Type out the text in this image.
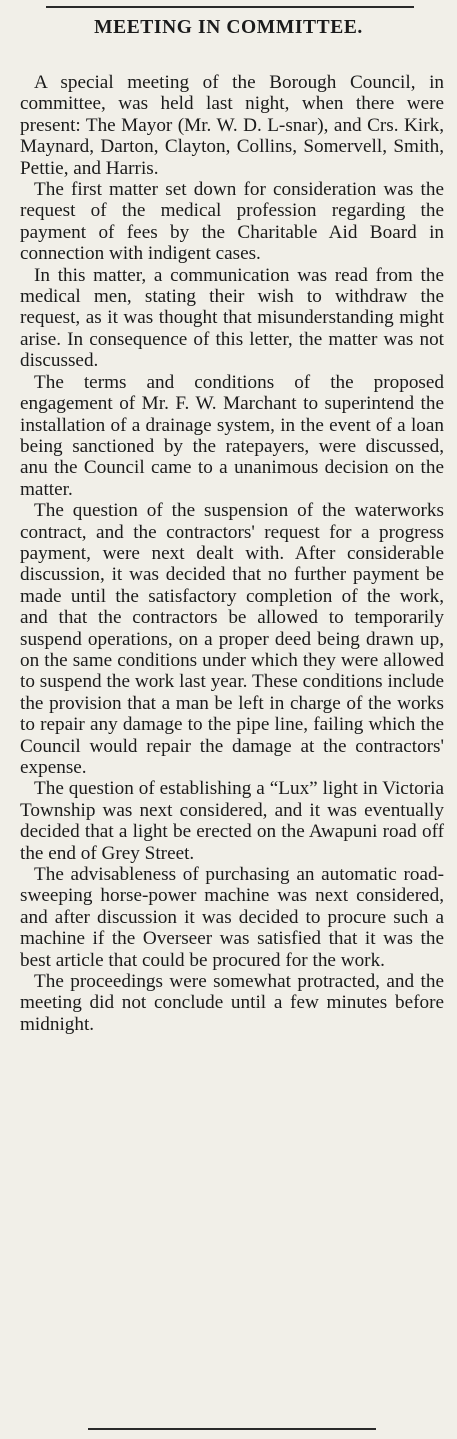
MEETING IN COMMITTEE.

A special meeting of the Borough Council, in committee, was held last night, when there were present: The Mayor (Mr. W. D. L-snar), and Crs. Kirk, Maynard, Darton, Clayton, Collins, Somervell, Smith, Pettie, and Harris.

The first matter set down for consideration was the request of the medical profession regarding the payment of fees by the Charitable Aid Board in connection with indigent cases.

In this matter, a communication was read from the medical men, stating their wish to withdraw the request, as it was thought that misunderstanding might arise. In consequence of this letter, the matter was not discussed.

The terms and conditions of the proposed engagement of Mr. F. W. Marchant to superintend the installation of a drainage system, in the event of a loan being sanctioned by the ratepayers, were discussed, anu the Council came to a unanimous decision on the matter.

The question of the suspension of the waterworks contract, and the contractors' request for a progress payment, were next dealt with. After considerable discussion, it was decided that no further payment be made until the satisfactory completion of the work, and that the contractors be allowed to temporarily suspend operations, on a proper deed being drawn up, on the same conditions under which they were allowed to suspend the work last year. These conditions include the provision that a man be left in charge of the works to repair any damage to the pipe line, failing which the Council would repair the damage at the contractors' expense.

The question of establishing a “Lux” light in Victoria Township was next considered, and it was eventually decided that a light be erected on the Awapuni road off the end of Grey Street.

The advisableness of purchasing an automatic road-sweeping horse-power machine was next considered, and after discussion it was decided to procure such a machine if the Overseer was satisfied that it was the best article that could be procured for the work.

The proceedings were somewhat protracted, and the meeting did not conclude until a few minutes before midnight.
